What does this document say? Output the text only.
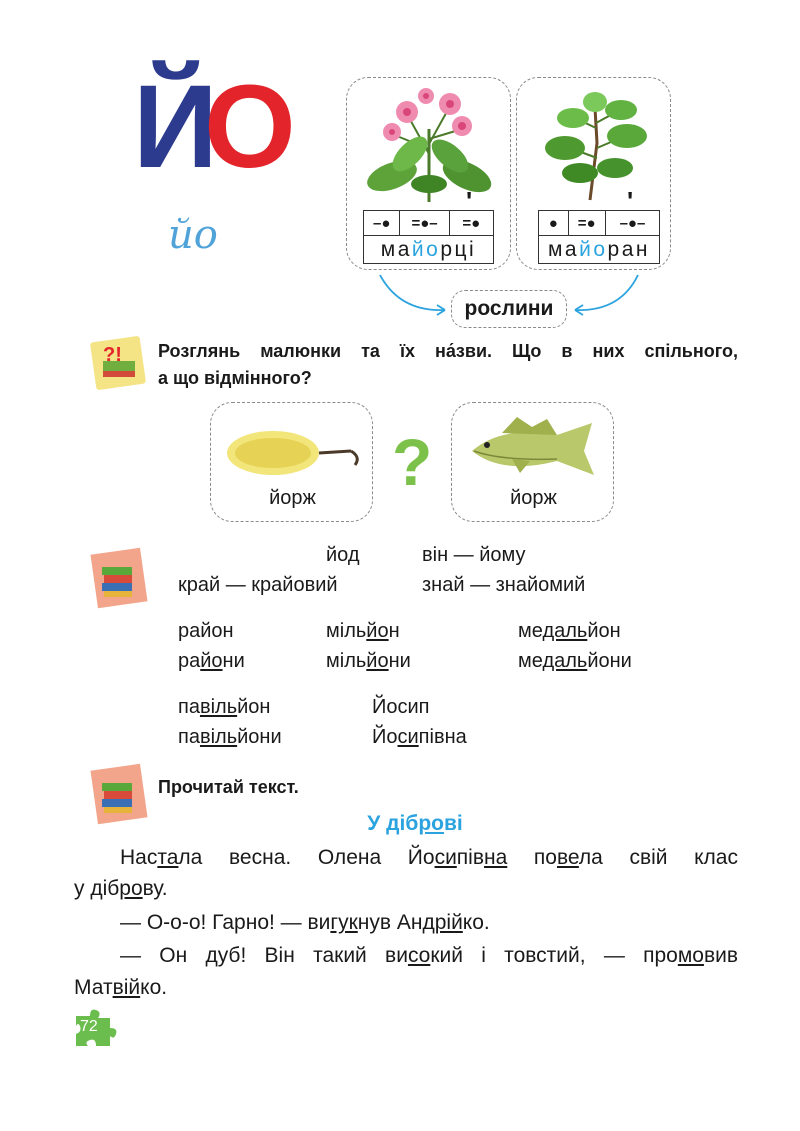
Й
О
йо
ʹ
–●	=●–	=●
ма йо рці
ʹ
●	=●	–●–
ма йо ран
рослини
?! Розглянь малюнки та їх на́зви. Що в них спільного,
а що відмінного?
йорж	?	йорж
йод	він — йому
край — крайовий	знай — знайомий
район	мільйон	медальйон
райони	мільйони	медальйони
павільйон	Йосип
павільйони	Йосипівна
Прочитай текст.
У діброві
Настала весна. Олена Йосипівна повела свій клас
у діброву.
— О-о-о! Гарно! — вигукнув Андрійко.
— Он дуб! Він такий високий і товстий, — промовив
Матвійко.
72
